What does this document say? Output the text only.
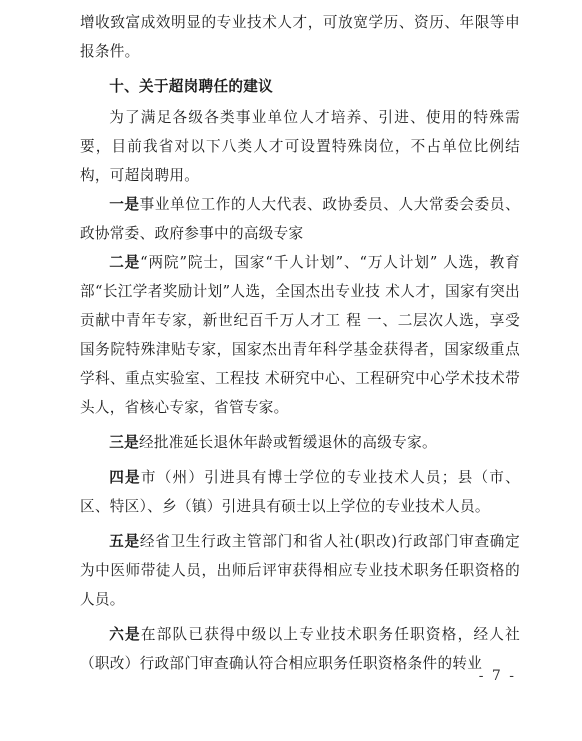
增收致富成效明显的专业技术人才，可放宽学历、资历、年限等申报条件。

十、关于超岗聘任的建议

为了满足各级各类事业单位人才培养、引进、使用的特殊需要，目前我省对以下八类人才可设置特殊岗位，不占单位比例结构，可超岗聘用。

一是事业单位工作的人大代表、政协委员、人大常委会委员、政协常委、政府参事中的高级专家

二是“两院”院士，国家“千人计划”、“万人计划” 人选，教育部“长江学者奖励计划”人选，全国杰出专业技 术人才，国家有突出贡献中青年专家，新世纪百千万人才工 程 一、二层次人选，享受国务院特殊津贴专家，国家杰出青年科学基金获得者，国家级重点学科、重点实验室、工程技 术研究中心、工程研究中心学术技术带头人，省核心专家，省管专家。

三是经批准延长退休年龄或暂缓退休的高级专家。

四是市（州）引进具有博士学位的专业技术人员；县（市、区、特区）、乡（镇）引进具有硕士以上学位的专业技术人员。

五是经省卫生行政主管部门和省人社(职改)行政部门审查确定为中医师带徒人员，出师后评审获得相应专业技术职务任职资格的人员。

六是在部队已获得中级以上专业技术职务任职资格，经人社（职改）行政部门审查确认符合相应职务任职资格条件的转业

- 7 -
